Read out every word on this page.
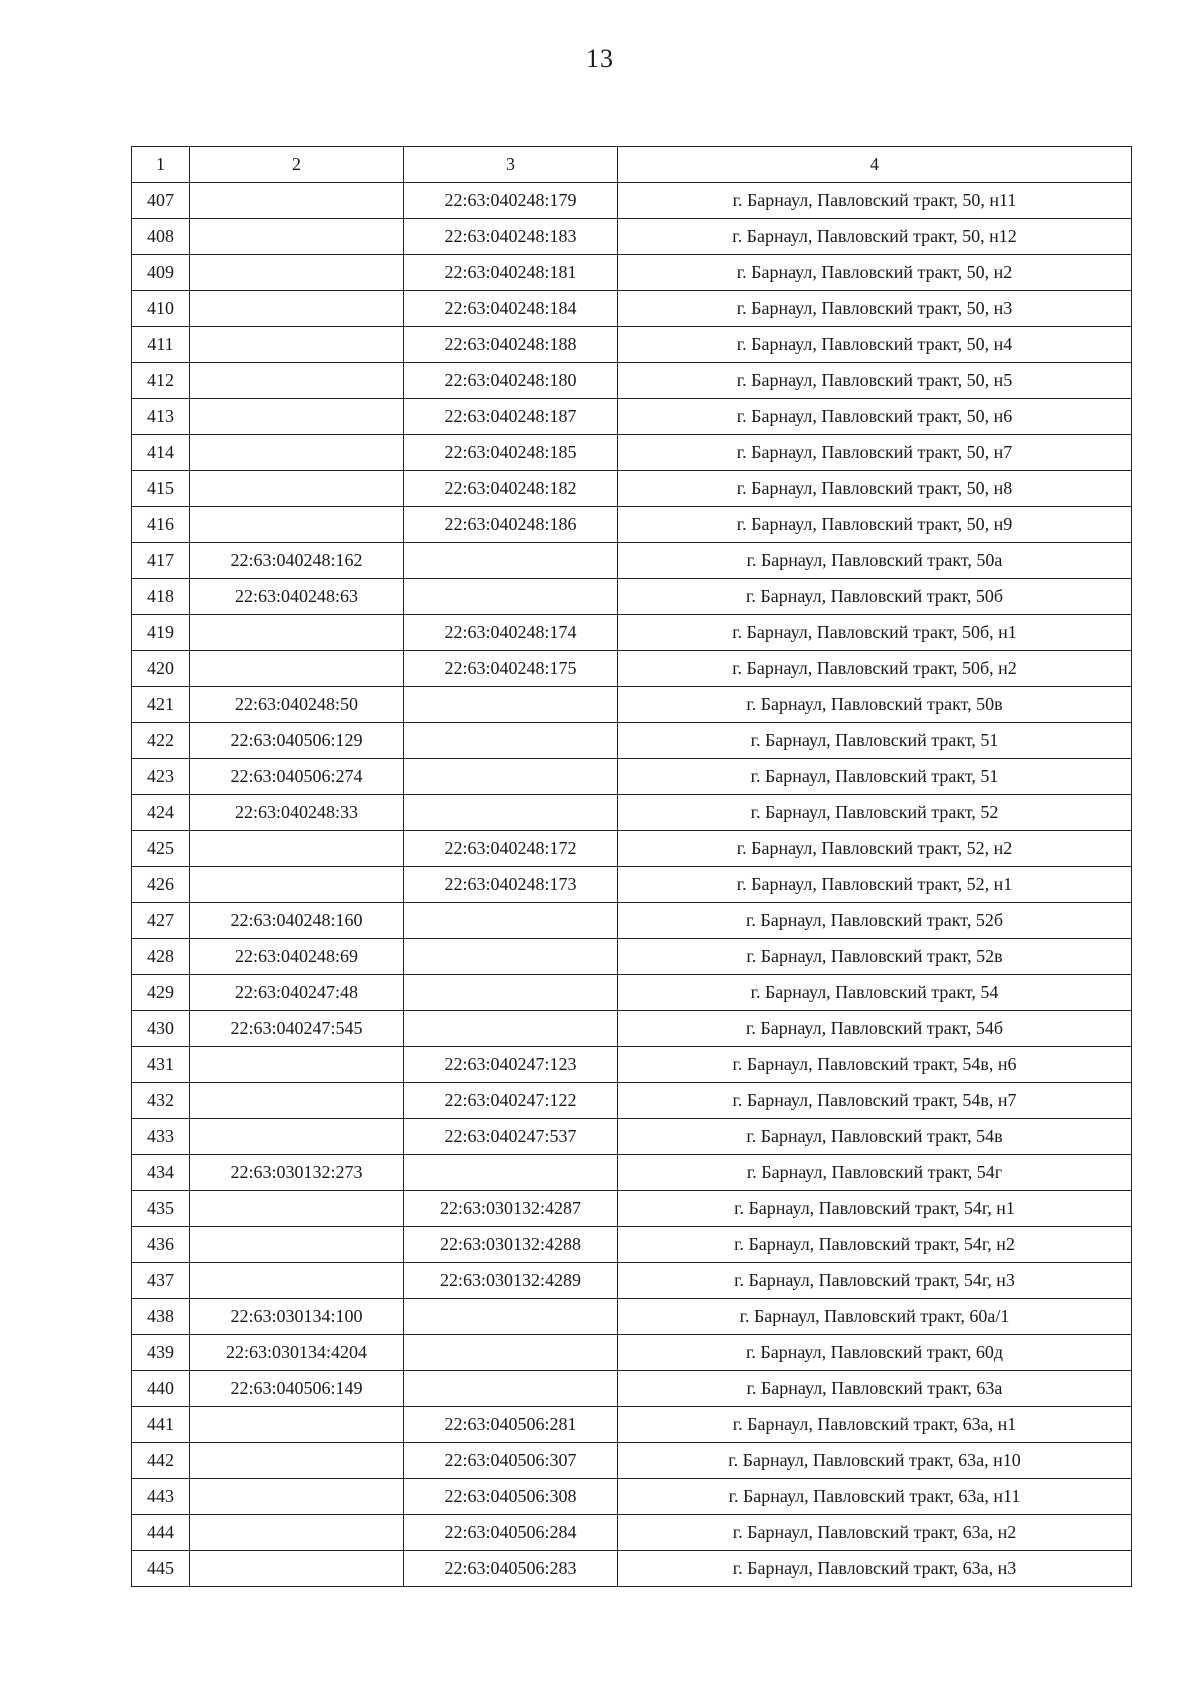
13
1	2	3	4
407		22:63:040248:179	г. Барнаул, Павловский тракт, 50, н11
408		22:63:040248:183	г. Барнаул, Павловский тракт, 50, н12
409		22:63:040248:181	г. Барнаул, Павловский тракт, 50, н2
410		22:63:040248:184	г. Барнаул, Павловский тракт, 50, н3
411		22:63:040248:188	г. Барнаул, Павловский тракт, 50, н4
412		22:63:040248:180	г. Барнаул, Павловский тракт, 50, н5
413		22:63:040248:187	г. Барнаул, Павловский тракт, 50, н6
414		22:63:040248:185	г. Барнаул, Павловский тракт, 50, н7
415		22:63:040248:182	г. Барнаул, Павловский тракт, 50, н8
416		22:63:040248:186	г. Барнаул, Павловский тракт, 50, н9
417	22:63:040248:162		г. Барнаул, Павловский тракт, 50а
418	22:63:040248:63		г. Барнаул, Павловский тракт, 50б
419		22:63:040248:174	г. Барнаул, Павловский тракт, 50б, н1
420		22:63:040248:175	г. Барнаул, Павловский тракт, 50б, н2
421	22:63:040248:50		г. Барнаул, Павловский тракт, 50в
422	22:63:040506:129		г. Барнаул, Павловский тракт, 51
423	22:63:040506:274		г. Барнаул, Павловский тракт, 51
424	22:63:040248:33		г. Барнаул, Павловский тракт, 52
425		22:63:040248:172	г. Барнаул, Павловский тракт, 52, н2
426		22:63:040248:173	г. Барнаул, Павловский тракт, 52, н1
427	22:63:040248:160		г. Барнаул, Павловский тракт, 52б
428	22:63:040248:69		г. Барнаул, Павловский тракт, 52в
429	22:63:040247:48		г. Барнаул, Павловский тракт, 54
430	22:63:040247:545		г. Барнаул, Павловский тракт, 54б
431		22:63:040247:123	г. Барнаул, Павловский тракт, 54в, н6
432		22:63:040247:122	г. Барнаул, Павловский тракт, 54в, н7
433		22:63:040247:537	г. Барнаул, Павловский тракт, 54в
434	22:63:030132:273		г. Барнаул, Павловский тракт, 54г
435		22:63:030132:4287	г. Барнаул, Павловский тракт, 54г, н1
436		22:63:030132:4288	г. Барнаул, Павловский тракт, 54г, н2
437		22:63:030132:4289	г. Барнаул, Павловский тракт, 54г, н3
438	22:63:030134:100		г. Барнаул, Павловский тракт, 60а/1
439	22:63:030134:4204		г. Барнаул, Павловский тракт, 60д
440	22:63:040506:149		г. Барнаул, Павловский тракт, 63а
441		22:63:040506:281	г. Барнаул, Павловский тракт, 63а, н1
442		22:63:040506:307	г. Барнаул, Павловский тракт, 63а, н10
443		22:63:040506:308	г. Барнаул, Павловский тракт, 63а, н11
444		22:63:040506:284	г. Барнаул, Павловский тракт, 63а, н2
445		22:63:040506:283	г. Барнаул, Павловский тракт, 63а, н3
